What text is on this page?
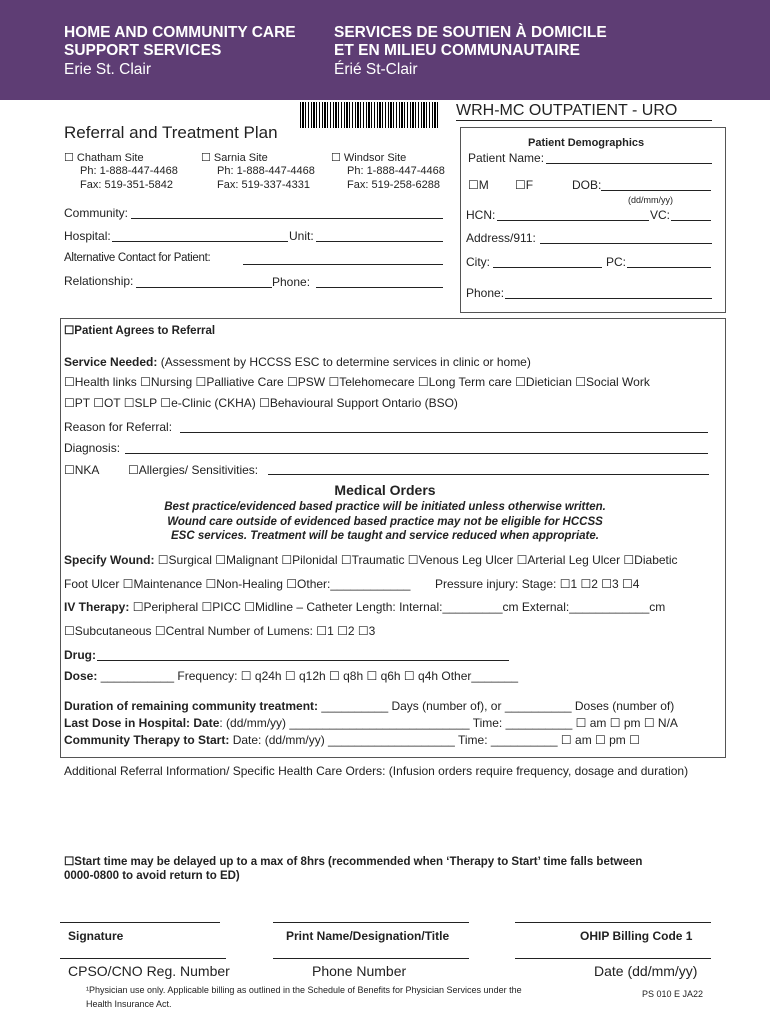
HOME AND COMMUNITY CARE
SUPPORT SERVICES
Erie St. Clair
SERVICES DE SOUTIEN À DOMICILE
ET EN MILIEU COMMUNAUTAIRE
Érié St-Clair
WRH-MC OUTPATIENT - URO
Referral and Treatment Plan
☐ Chatham Site
Ph: 1-888-447-4468
Fax: 519-351-5842
☐ Sarnia Site
Ph: 1-888-447-4468
Fax: 519-337-4331
☐ Windsor Site
Ph: 1-888-447-4468
Fax: 519-258-6288
Community:
Hospital:	Unit:
Alternative Contact for Patient:
Relationship:	Phone:
Patient Demographics
Patient Name:
☐M ☐F	DOB:
(dd/mm/yy)
HCN:	VC:
Address/911:
City:	PC:
Phone:
☐Patient Agrees to Referral
Service Needed: (Assessment by HCCSS ESC to determine services in clinic or home)
☐Health links ☐Nursing ☐Palliative Care ☐PSW ☐Telehomecare ☐Long Term care ☐Dietician ☐Social Work
☐PT ☐OT ☐SLP ☐e-Clinic (CKHA) ☐Behavioural Support Ontario (BSO)
Reason for Referral:
Diagnosis:
☐NKA ☐Allergies/ Sensitivities:
Medical Orders
Best practice/evidenced based practice will be initiated unless otherwise written.
Wound care outside of evidenced based practice may not be eligible for HCCSS
ESC services. Treatment will be taught and service reduced when appropriate.
Specify Wound: ☐Surgical ☐Malignant ☐Pilonidal ☐Traumatic ☐Venous Leg Ulcer ☐Arterial Leg Ulcer ☐Diabetic
Foot Ulcer ☐Maintenance ☐Non-Healing ☐Other:____________ Pressure injury: Stage: ☐1 ☐2 ☐3 ☐4
IV Therapy: ☐Peripheral ☐PICC ☐Midline – Catheter Length: Internal:_________cm External:____________cm
☐Subcutaneous ☐Central Number of Lumens: ☐1 ☐2 ☐3
Drug:
Dose: ___________ Frequency: ☐ q24h ☐ q12h ☐ q8h ☐ q6h ☐ q4h Other_______
Duration of remaining community treatment: __________ Days (number of), or __________ Doses (number of)
Last Dose in Hospital: Date: (dd/mm/yy) ___________________________ Time: __________ ☐ am ☐ pm ☐ N/A
Community Therapy to Start: Date: (dd/mm/yy) ___________________ Time: __________ ☐ am ☐ pm ☐
Additional Referral Information/ Specific Health Care Orders: (Infusion orders require frequency, dosage and duration)
☐Start time may be delayed up to a max of 8hrs (recommended when ‘Therapy to Start’ time falls between
0000-0800 to avoid return to ED)
Signature	Print Name/Designation/Title	OHIP Billing Code 1
CPSO/CNO Reg. Number	Phone Number	Date (dd/mm/yy)
¹Physician use only. Applicable billing as outlined in the Schedule of Benefits for Physician Services under the
Health Insurance Act.
PS 010 E JA22
